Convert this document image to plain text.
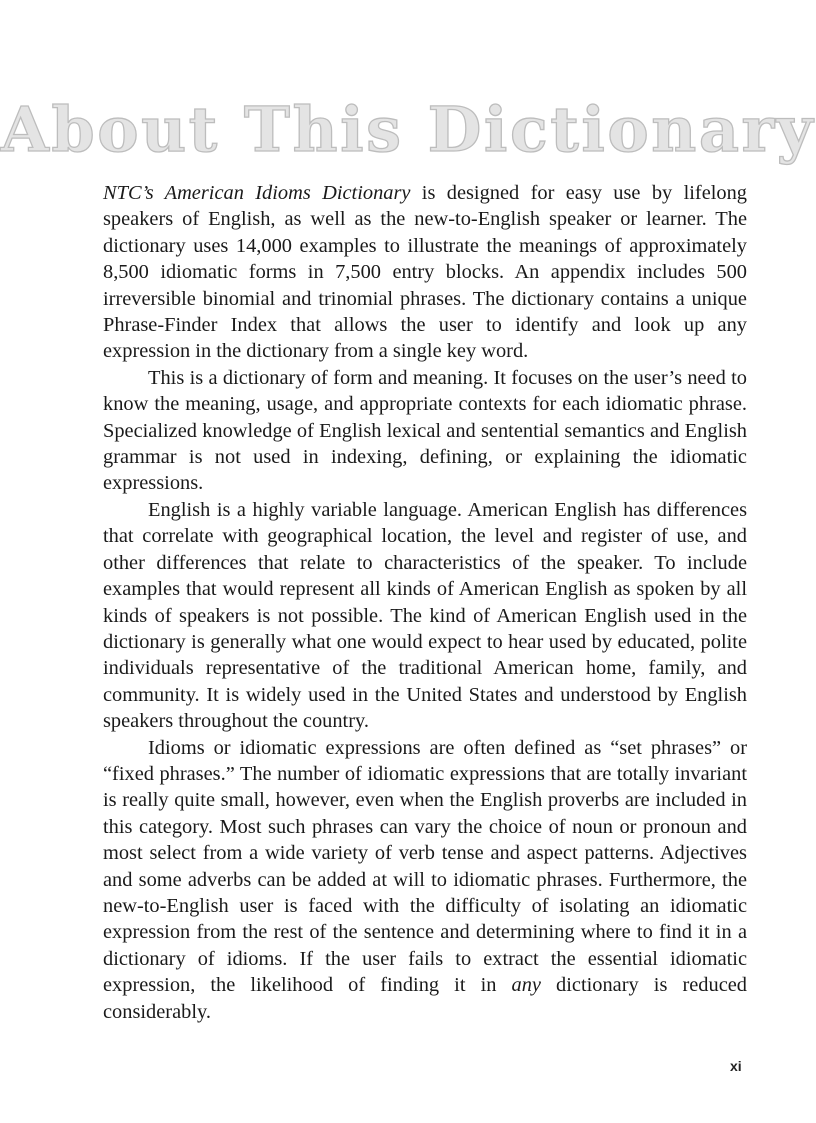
About This Dictionary

NTC’s American Idioms Dictionary is designed for easy use by lifelong speakers of English, as well as the new-to-English speaker or learner. The dictionary uses 14,000 examples to illustrate the meanings of approximately 8,500 idiomatic forms in 7,500 entry blocks. An appendix includes 500 irreversible binomial and trinomial phrases. The dictionary contains a unique Phrase-Finder Index that allows the user to identify and look up any expression in the dictionary from a single key word.

This is a dictionary of form and meaning. It focuses on the user’s need to know the meaning, usage, and appropriate contexts for each idiomatic phrase. Specialized knowledge of English lexical and sentential semantics and English grammar is not used in indexing, defining, or explaining the idiomatic expressions.

English is a highly variable language. American English has differences that correlate with geographical location, the level and register of use, and other differences that relate to characteristics of the speaker. To include examples that would represent all kinds of American English as spoken by all kinds of speakers is not possible. The kind of American English used in the dictionary is generally what one would expect to hear used by educated, polite individuals representative of the traditional American home, family, and community. It is widely used in the United States and understood by English speakers throughout the country.

Idioms or idiomatic expressions are often defined as “set phrases” or “fixed phrases.” The number of idiomatic expressions that are totally invariant is really quite small, however, even when the English proverbs are included in this category. Most such phrases can vary the choice of noun or pronoun and most select from a wide variety of verb tense and aspect patterns. Adjectives and some adverbs can be added at will to idiomatic phrases. Furthermore, the new-to-English user is faced with the difficulty of isolating an idiomatic expression from the rest of the sentence and determining where to find it in a dictionary of idioms. If the user fails to extract the essential idiomatic expression, the likelihood of finding it in any dictionary is reduced considerably.

xi
